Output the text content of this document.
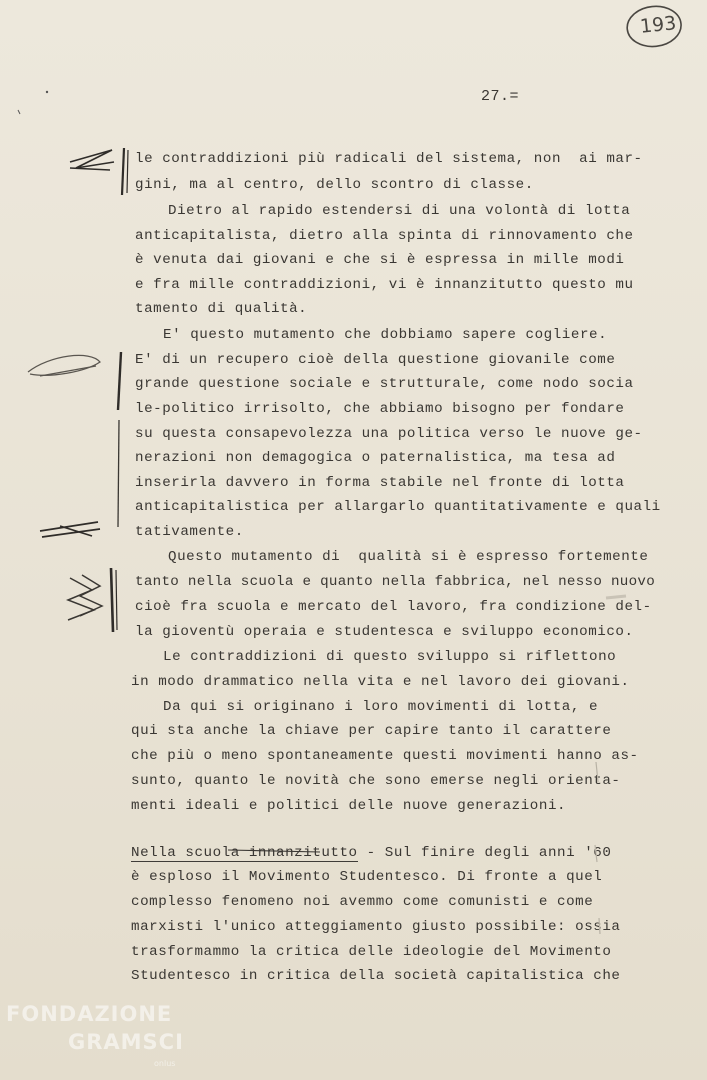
193
27.=
le contraddizioni più radicali del sistema, non  ai mar-
gini, ma al centro, dello scontro di classe.
Dietro al rapido estendersi di una volontà di lotta
anticapitalista, dietro alla spinta di rinnovamento che
è venuta dai giovani e che si è espressa in mille modi
e fra mille contraddizioni, vi è innanzitutto questo mu
tamento di qualità.
E' questo mutamento che dobbiamo sapere cogliere.
E' di un recupero cioè della questione giovanile come
grande questione sociale e strutturale, come nodo socia
le-politico irrisolto, che abbiamo bisogno per fondare
su questa consapevolezza una politica verso le nuove ge-
nerazioni non demagogica o paternalistica, ma tesa ad
inserirla davvero in forma stabile nel fronte di lotta
anticapitalistica per allargarlo quantitativamente e quali
tativamente.
Questo mutamento di  qualità si è espresso fortemente
tanto nella scuola e quanto nella fabbrica, nel nesso nuovo
cioè fra scuola e mercato del lavoro, fra condizione del-
la gioventù operaia e studentesca e sviluppo economico.
Le contraddizioni di questo sviluppo si riflettono
in modo drammatico nella vita e nel lavoro dei giovani.
Da qui si originano i loro movimenti di lotta, e
qui sta anche la chiave per capire tanto il carattere
che più o meno spontaneamente questi movimenti hanno as-
sunto, quanto le novità che sono emerse negli orienta-
menti ideali e politici delle nuove generazioni.
Nella scuola innanzitutto - Sul finire degli anni '60
è esploso il Movimento Studentesco. Di fronte a quel
complesso fenomeno noi avemmo come comunisti e come
marxisti l'unico atteggiamento giusto possibile: ossia
trasformammo la critica delle ideologie del Movimento
Studentesco in critica della società capitalistica che
FONDAZIONE
GRAMSCI
onlus
